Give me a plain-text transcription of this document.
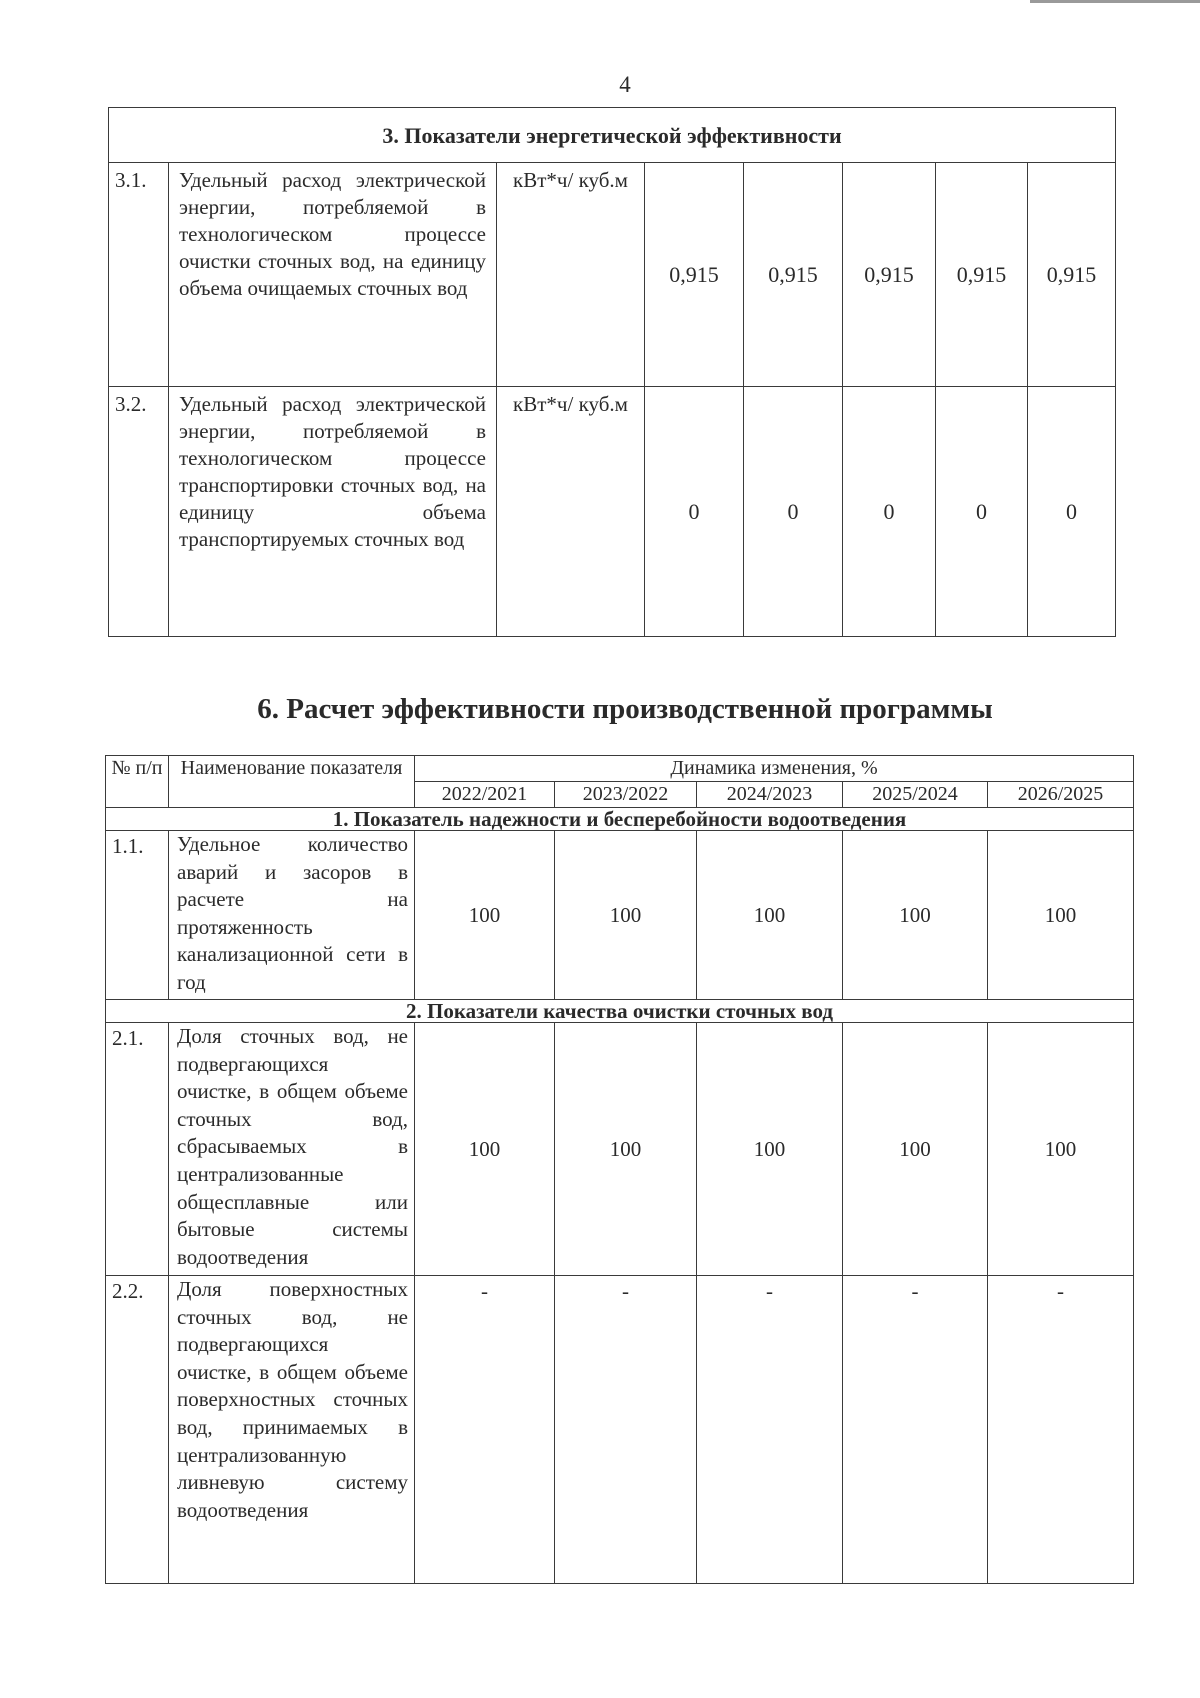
4
3. Показатели энергетической эффективности							
3.1.	Удельный расход электрической энергии, потребляемой в технологическом процессе очистки сточных вод, на единицу объема очищаемых сточных вод	кВт*ч/ куб.м	0,915	0,915	0,915	0,915	0,915
3.2.	Удельный расход электрической энергии, потребляемой в технологическом процессе транспортировки сточных вод, на единицу объема транспортируемых сточных вод	кВт*ч/ куб.м	0	0	0	0	0
6. Расчет эффективности производственной программы
№ п/п	Наименование показателя	Динамика изменения, %				
		2022/2021	2023/2022	2024/2023	2025/2024	2026/2025
1. Показатель надежности и бесперебойности водоотведения						
1.1.	Удельное количество аварий и засоров в расчете на протяженность канализационной сети в год	100	100	100	100	100
2. Показатели качества очистки сточных вод						
2.1.	Доля сточных вод, не подвергающихся очистке, в общем объеме сточных вод, сбрасываемых в централизованные общесплавные или бытовые системы водоотведения	100	100	100	100	100
2.2.	Доля поверхностных сточных вод, не подвергающихся очистке, в общем объеме поверхностных сточных вод, принимаемых в централизованную ливневую систему водоотведения	-	-	-	-	-
